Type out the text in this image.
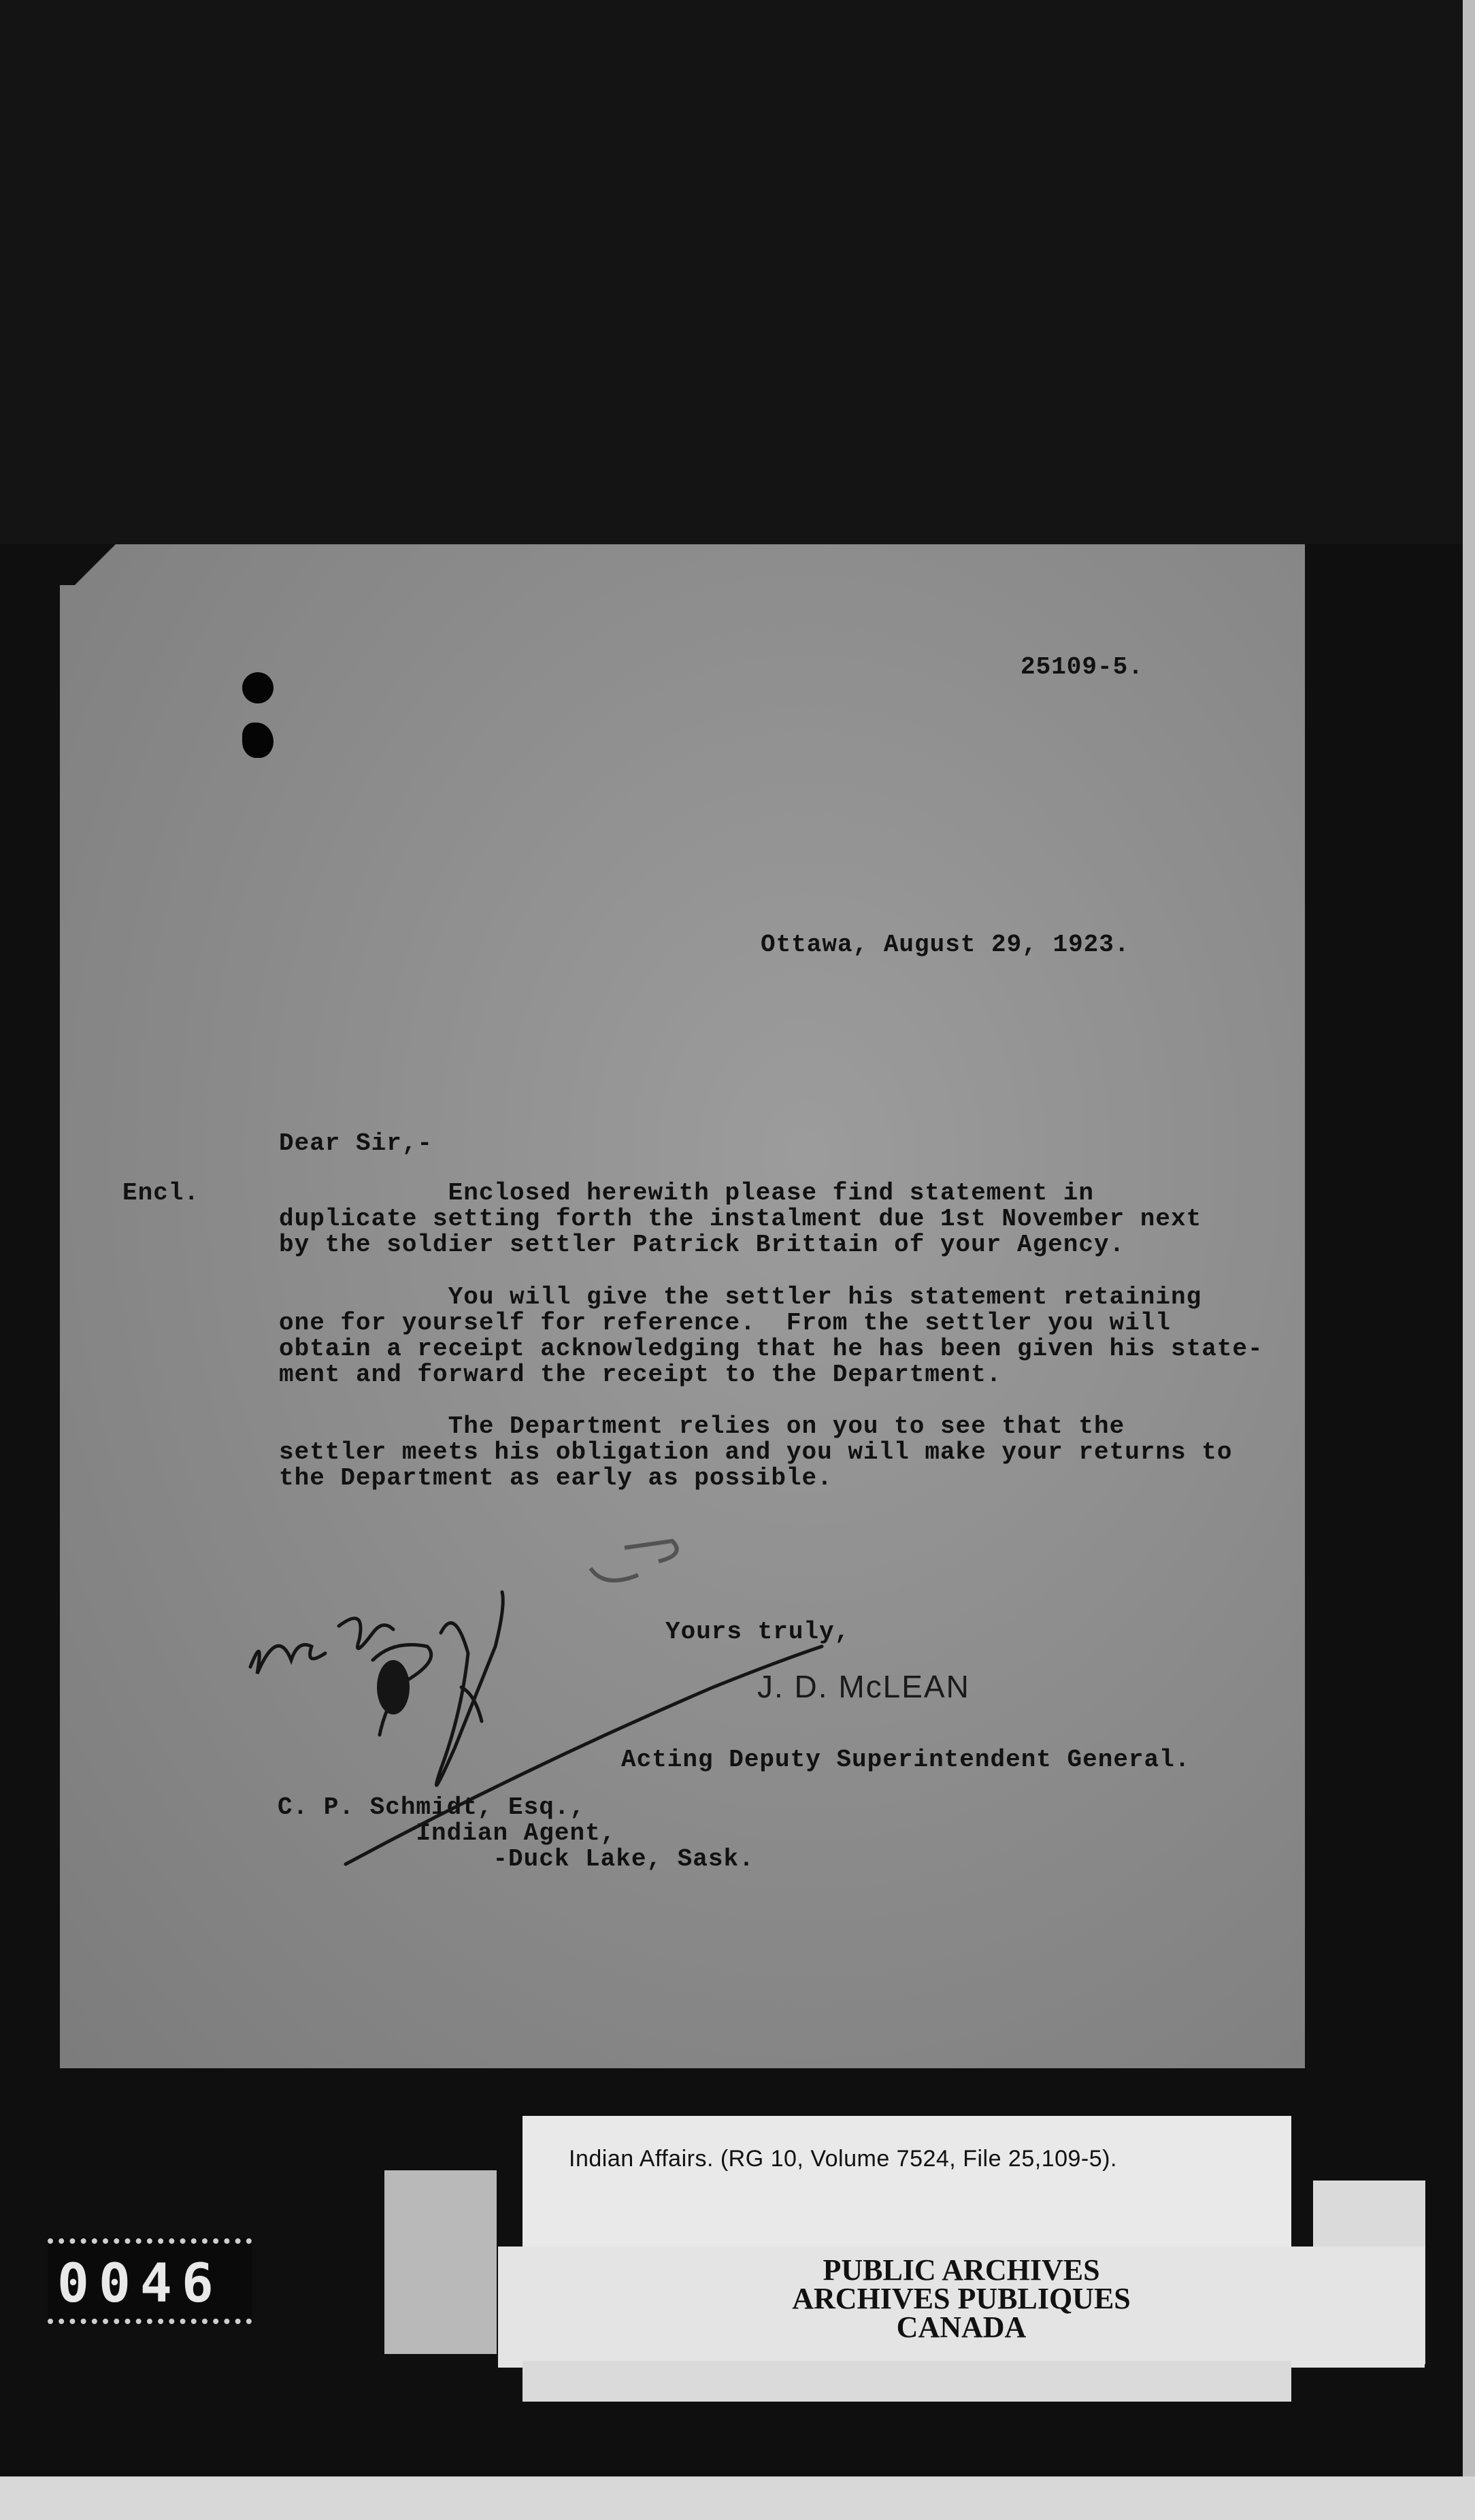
25109-5.

Ottawa, August 29, 1923.

Dear Sir,-

Encl.	Enclosed herewith please find statement in
duplicate setting forth the instalment due 1st November next
by the soldier settler Patrick Brittain of your Agency.

You will give the settler his statement retaining
one for yourself for reference.  From the settler you will
obtain a receipt acknowledging that he has been given his state-
ment and forward the receipt to the Department.

The Department relies on you to see that the
settler meets his obligation and you will make your returns to
the Department as early as possible.

Yours truly,

J. D. McLEAN

Acting Deputy Superintendent General.

C. P. Schmidt, Esq.,
Indian Agent,
-Duck Lake, Sask.

Indian Affairs. (RG 10, Volume 7524, File 25,109-5).

PUBLIC ARCHIVES
ARCHIVES PUBLIQUES
CANADA
0046
